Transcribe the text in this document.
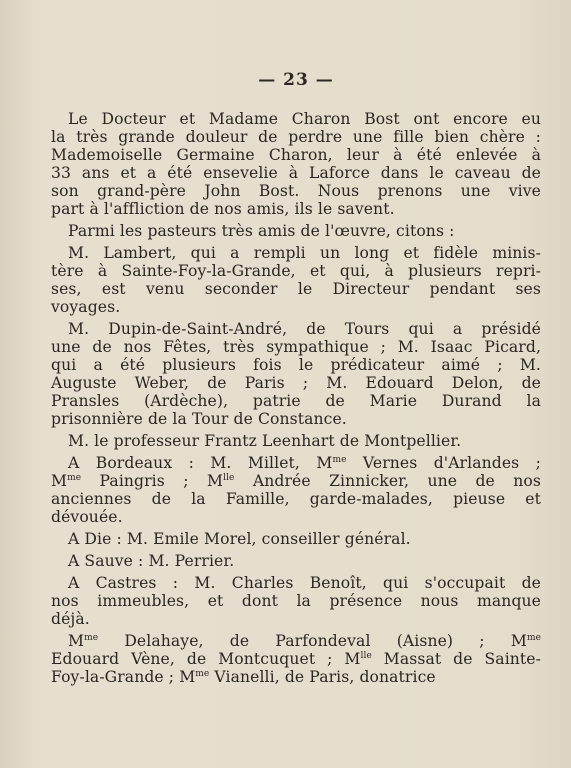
— 23 —
Le Docteur et Madame Charon Bost ont encore eu
la très grande douleur de perdre une fille bien chère :
Mademoiselle Germaine Charon, leur à été enlevée à
33 ans et a été ensevelie à Laforce dans le caveau de
son grand-père John Bost. Nous prenons une vive
part à l'affliction de nos amis, ils le savent.
Parmi les pasteurs très amis de l'œuvre, citons :
M. Lambert, qui a rempli un long et fidèle minis-
tère à Sainte-Foy-la-Grande, et qui, à plusieurs repri-
ses, est venu seconder le Directeur pendant ses
voyages.
M. Dupin-de-Saint-André, de Tours qui a présidé
une de nos Fêtes, très sympathique ; M. Isaac Picard,
qui a été plusieurs fois le prédicateur aimé ; M.
Auguste Weber, de Paris ; M. Edouard Delon, de
Pransles (Ardèche), patrie de Marie Durand la
prisonnière de la Tour de Constance.
M. le professeur Frantz Leenhart de Montpellier.
A Bordeaux : M. Millet, $M^{me}$ Vernes d'Arlandes ;
$M^{me}$ Paingris ; $M^{lle}$ Andrée Zinnicker, une de nos
anciennes de la Famille, garde-malades, pieuse et
dévouée.
A Die : M. Emile Morel, conseiller général.
A Sauve : M. Perrier.
A Castres : M. Charles Benoît, qui s'occupait de
nos immeubles, et dont la présence nous manque
déjà.
$M^{me}$ Delahaye, de Parfondeval (Aisne) ; $M^{me}$
Edouard Vène, de Montcuquet ; $M^{lle}$ Massat de Sainte-
Foy-la-Grande ; $M^{me}$ Vianelli, de Paris, donatrice
